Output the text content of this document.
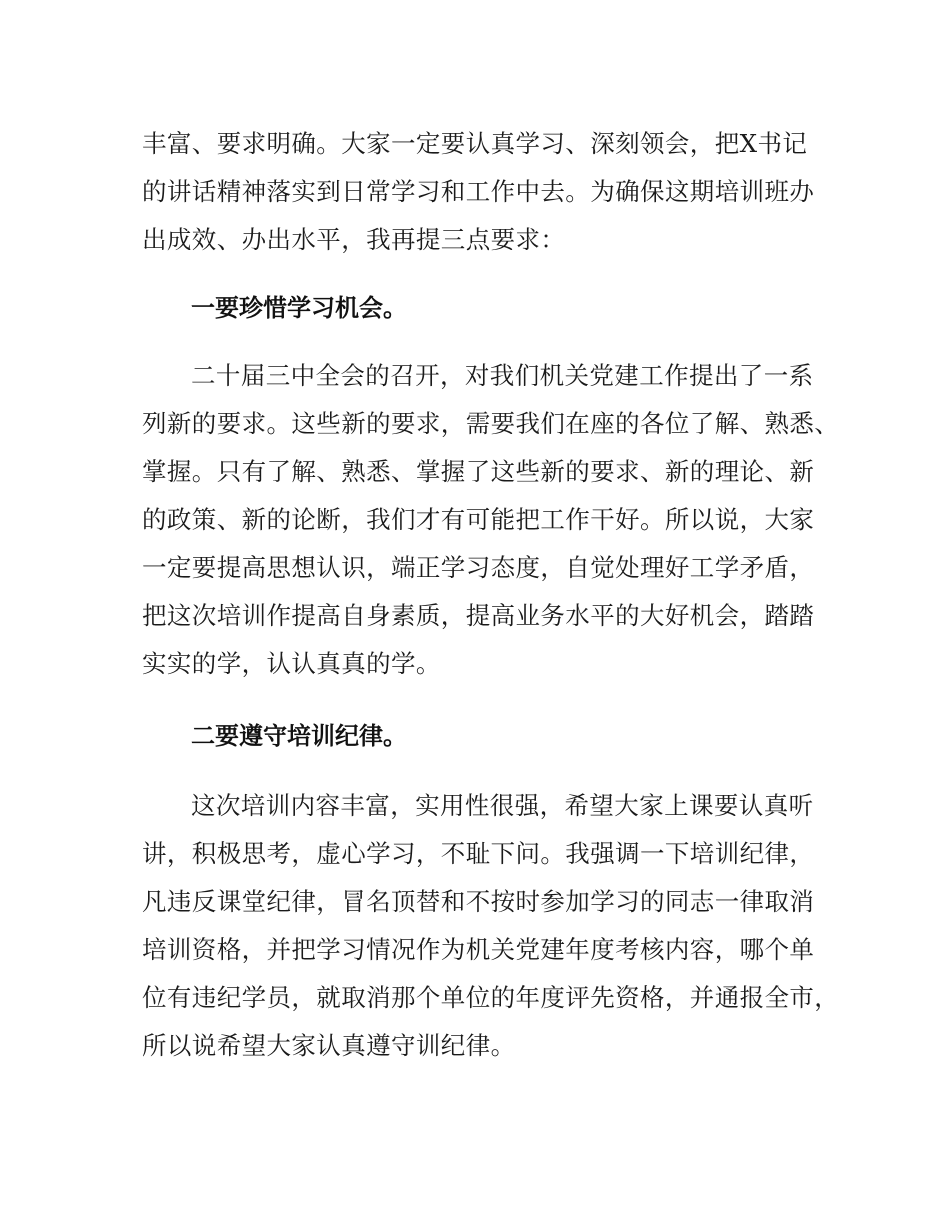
丰富、要求明确。大家一定要认真学习、深刻领会，把X书记
的讲话精神落实到日常学习和工作中去。为确保这期培训班办
出成效、办出水平，我再提三点要求：
一要珍惜学习机会。
二十届三中全会的召开，对我们机关党建工作提出了一系
列新的要求。这些新的要求，需要我们在座的各位了解、熟悉、
掌握。只有了解、熟悉、掌握了这些新的要求、新的理论、新
的政策、新的论断，我们才有可能把工作干好。所以说，大家
一定要提高思想认识，端正学习态度，自觉处理好工学矛盾，
把这次培训作提高自身素质，提高业务水平的大好机会，踏踏
实实的学，认认真真的学。
二要遵守培训纪律。
这次培训内容丰富，实用性很强，希望大家上课要认真听
讲，积极思考，虚心学习，不耻下问。我强调一下培训纪律，
凡违反课堂纪律，冒名顶替和不按时参加学习的同志一律取消
培训资格，并把学习情况作为机关党建年度考核内容，哪个单
位有违纪学员，就取消那个单位的年度评先资格，并通报全市，
所以说希望大家认真遵守训纪律。
